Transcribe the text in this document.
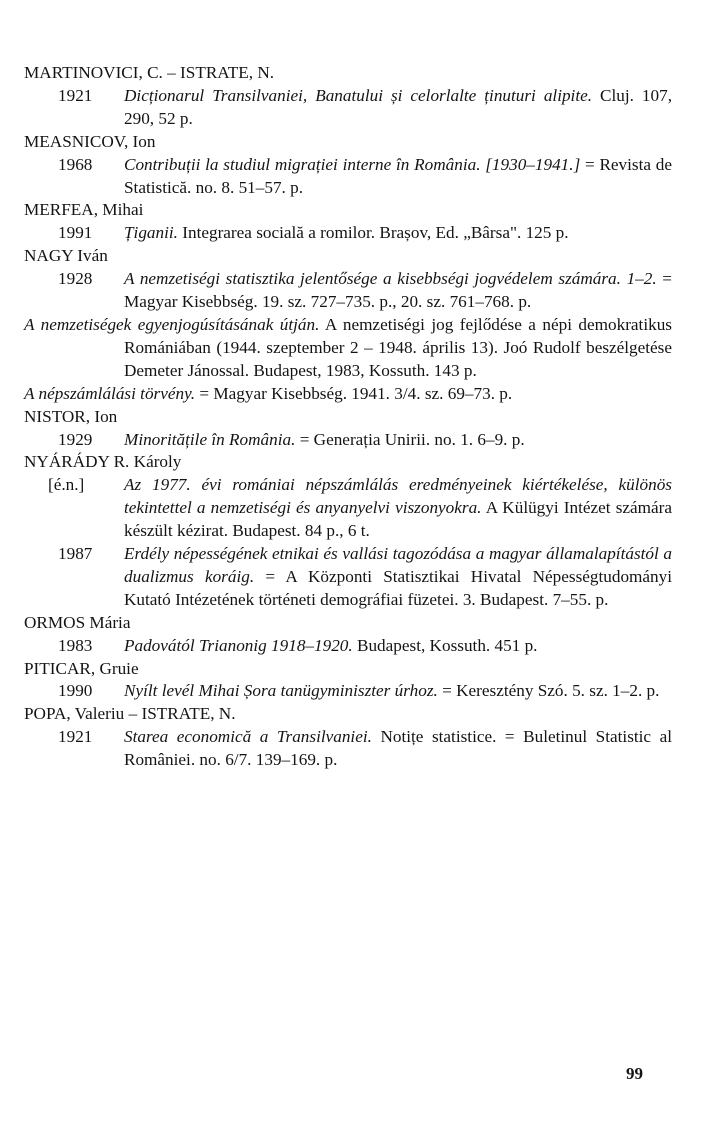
MARTINOVICI, C. – ISTRATE, N.

1921 Dicționarul Transilvaniei, Banatului și celorlalte ținuturi alipite. Cluj. 107, 290, 52 p.

MEASNICOV, Ion

1968 Contribuții la studiul migrației interne în România. [1930–1941.] = Revista de Statistică. no. 8. 51–57. p.

MERFEA, Mihai

1991 Țiganii. Integrarea socială a romilor. Brașov, Ed. „Bârsa". 125 p.

NAGY Iván

1928 A nemzetiségi statisztika jelentősége a kisebbségi jogvédelem számára. 1–2. = Magyar Kisebbség. 19. sz. 727–735. p., 20. sz. 761–768. p.

A nemzetiségek egyenjogúsításának útján. A nemzetiségi jog fejlődése a népi demokratikus Romániában (1944. szeptember 2 – 1948. április 13). Joó Rudolf beszélgetése Demeter Jánossal. Budapest, 1983, Kossuth. 143 p.

A népszámlálási törvény. = Magyar Kisebbség. 1941. 3/4. sz. 69–73. p.

NISTOR, Ion

1929 Minoritățile în România. = Generația Unirii. no. 1. 6–9. p.

NYÁRÁDY R. Károly

[é.n.] Az 1977. évi romániai népszámlálás eredményeinek kiértékelése, különös tekintettel a nemzetiségi és anyanyelvi viszonyokra. A Külügyi Intézet számára készült kézirat. Budapest. 84 p., 6 t.

1987 Erdély népességének etnikai és vallási tagozódása a magyar államalapítástól a dualizmus koráig. = A Központi Statisztikai Hivatal Népességtudományi Kutató Intézetének történeti demográfiai füzetei. 3. Budapest. 7–55. p.

ORMOS Mária

1983 Padovától Trianonig 1918–1920. Budapest, Kossuth. 451 p.

PITICAR, Gruie

1990 Nyílt levél Mihai Șora tanügyminiszter úrhoz. = Keresztény Szó. 5. sz. 1–2. p.

POPA, Valeriu – ISTRATE, N.

1921 Starea economică a Transilvaniei. Notițe statistice. = Buletinul Statistic al României. no. 6/7. 139–169. p.

99
